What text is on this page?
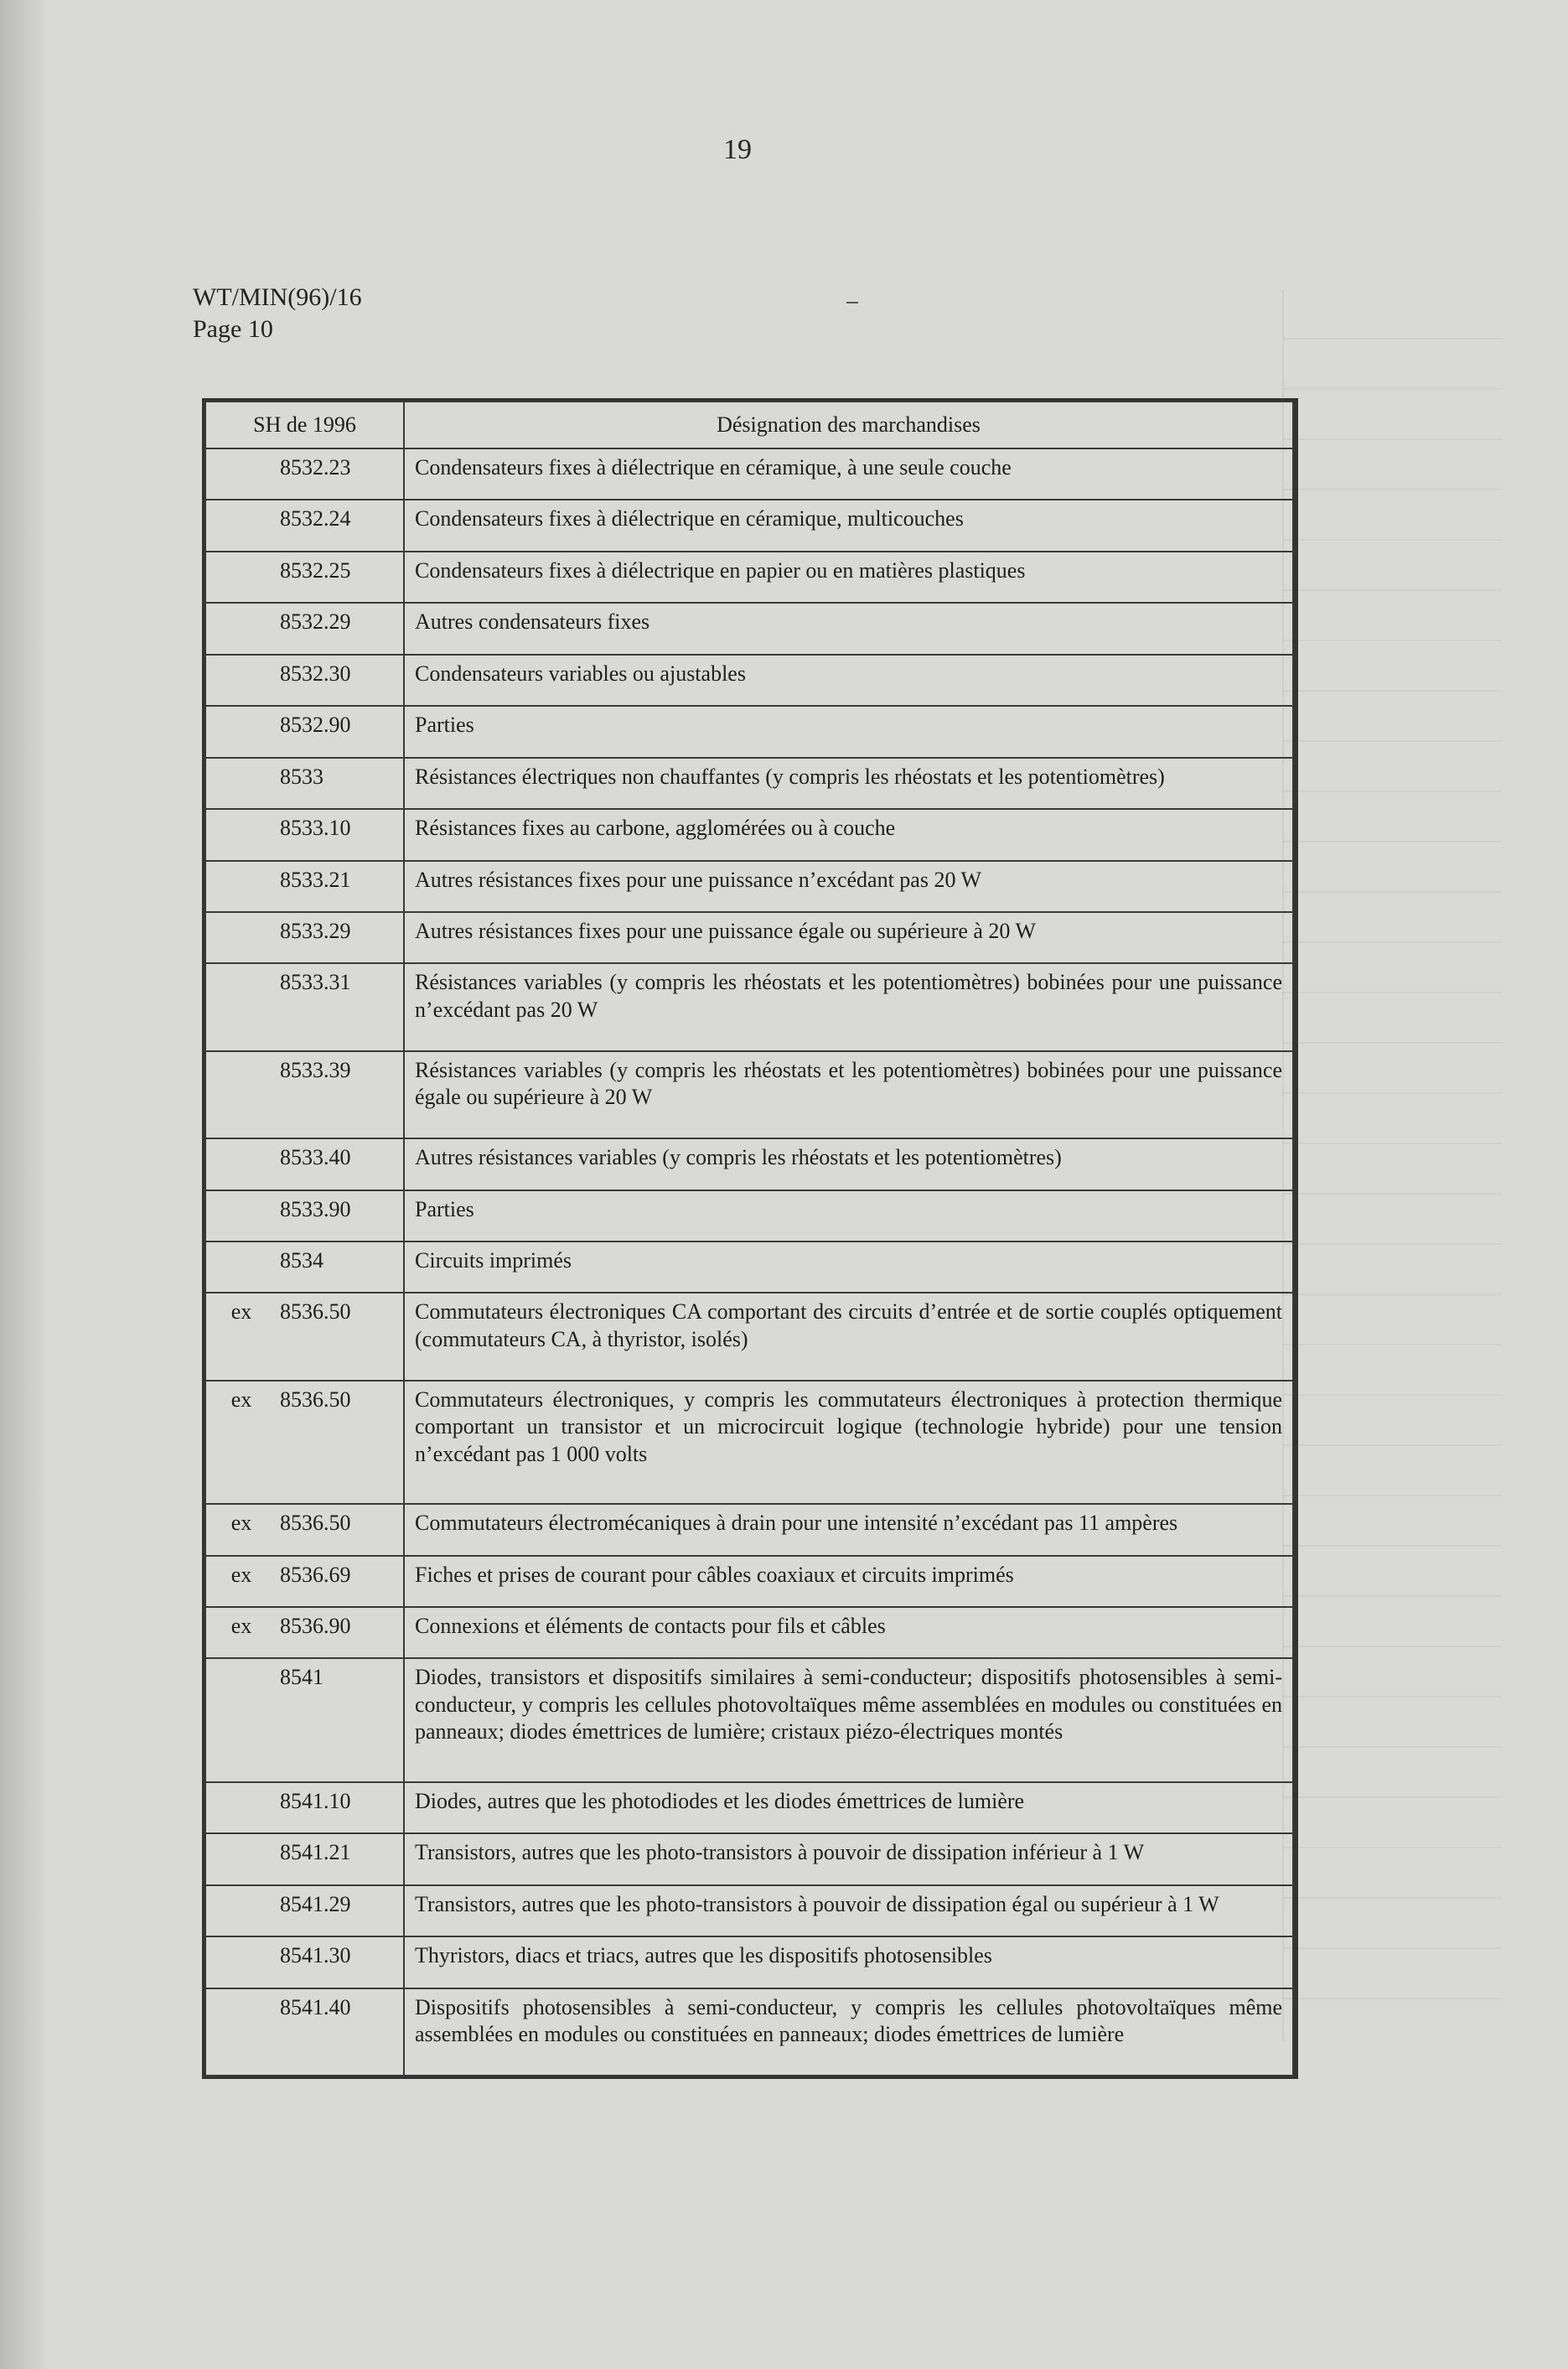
19
WT/MIN(96)/16
Page 10
SH de 1996	Désignation des marchandises

8532.23	Condensateurs fixes à diélectrique en céramique, à une seule couche

8532.24	Condensateurs fixes à diélectrique en céramique, multicouches

8532.25	Condensateurs fixes à diélectrique en papier ou en matières plastiques

8532.29	Autres condensateurs fixes

8532.30	Condensateurs variables ou ajustables

8532.90	Parties

8533	Résistances électriques non chauffantes (y compris les rhéostats et les potentiomètres)

8533.10	Résistances fixes au carbone, agglomérées ou à couche

8533.21	Autres résistances fixes pour une puissance n’excédant pas 20 W

8533.29	Autres résistances fixes pour une puissance égale ou supérieure à 20 W

8533.31	Résistances variables (y compris les rhéostats et les potentiomètres) bobinées pour une puissance n’excédant pas 20 W

8533.39	Résistances variables (y compris les rhéostats et les potentiomètres) bobinées pour une puissance égale ou supérieure à 20 W

8533.40	Autres résistances variables (y compris les rhéostats et les potentiomètres)

8533.90	Parties

8534	Circuits imprimés

ex 8536.50	Commutateurs électroniques CA comportant des circuits d’entrée et de sortie couplés optiquement (commutateurs CA, à thyristor, isolés)

ex 8536.50	Commutateurs électroniques, y compris les commutateurs électroniques à protection thermique comportant un transistor et un microcircuit logique (technologie hybride) pour une tension n’excédant pas 1 000 volts

ex 8536.50	Commutateurs électromécaniques à drain pour une intensité n’excédant pas 11 ampères

ex 8536.69	Fiches et prises de courant pour câbles coaxiaux et circuits imprimés

ex 8536.90	Connexions et éléments de contacts pour fils et câbles

8541	Diodes, transistors et dispositifs similaires à semi-conducteur; dispositifs photosensibles à semi-conducteur, y compris les cellules photovoltaïques même assemblées en modules ou constituées en panneaux; diodes émettrices de lumière; cristaux piézo-électriques montés

8541.10	Diodes, autres que les photodiodes et les diodes émettrices de lumière

8541.21	Transistors, autres que les photo-transistors à pouvoir de dissipation inférieur à 1 W

8541.29	Transistors, autres que les photo-transistors à pouvoir de dissipation égal ou supérieur à 1 W

8541.30	Thyristors, diacs et triacs, autres que les dispositifs photosensibles

8541.40	Dispositifs photosensibles à semi-conducteur, y compris les cellules photovoltaïques même assemblées en modules ou constituées en panneaux; diodes émettrices de lumière
